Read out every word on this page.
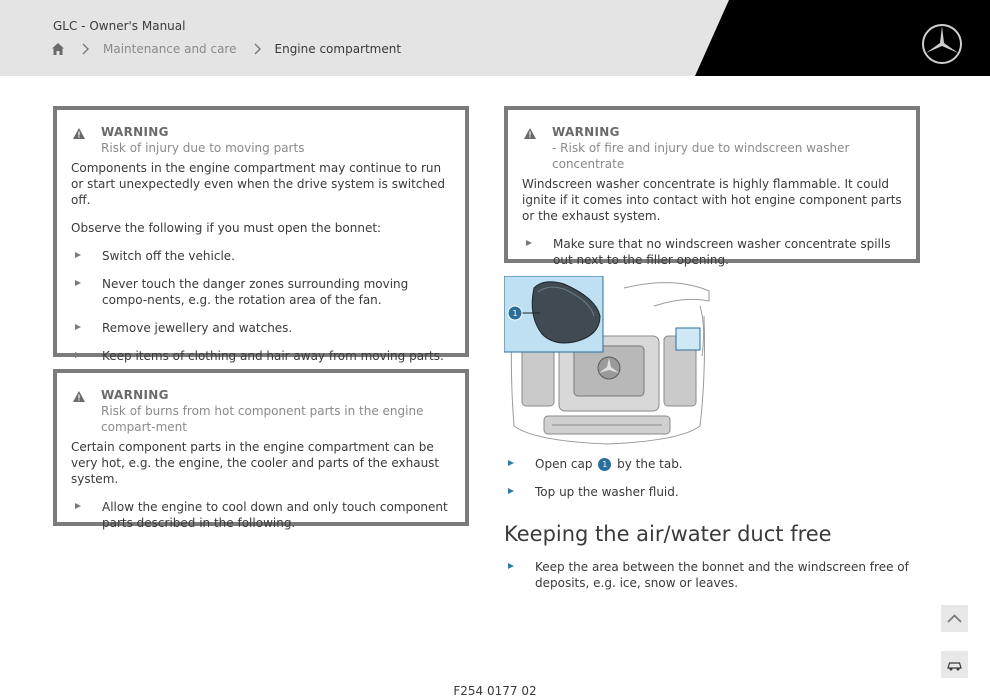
GLC - Owner's Manual
Maintenance and care	Engine compartment
WARNING
Risk of injury due to moving parts

Components in the engine compartment may continue to run or start unexpectedly even when the drive system is switched off.

Observe the following if you must open the bonnet:

Switch off the vehicle.
Never touch the danger zones surrounding moving compo-nents, e.g. the rotation area of the fan.
Remove jewellery and watches.
Keep items of clothing and hair away from moving parts.
WARNING
Risk of burns from hot component parts in the engine compart-ment

Certain component parts in the engine compartment can be very hot, e.g. the engine, the cooler and parts of the exhaust system.

Allow the engine to cool down and only touch component parts described in the following.
WARNING
- Risk of fire and injury due to windscreen washer concentrate

Windscreen washer concentrate is highly flammable. It could ignite if it comes into contact with hot engine component parts or the exhaust system.

Make sure that no windscreen washer concentrate spills out next to the filler opening.
1
Open cap 1 by the tab.
Top up the washer fluid.
Keeping the air/water duct free
Keep the area between the bonnet and the windscreen free of deposits, e.g. ice, snow or leaves.
F254 0177 02
